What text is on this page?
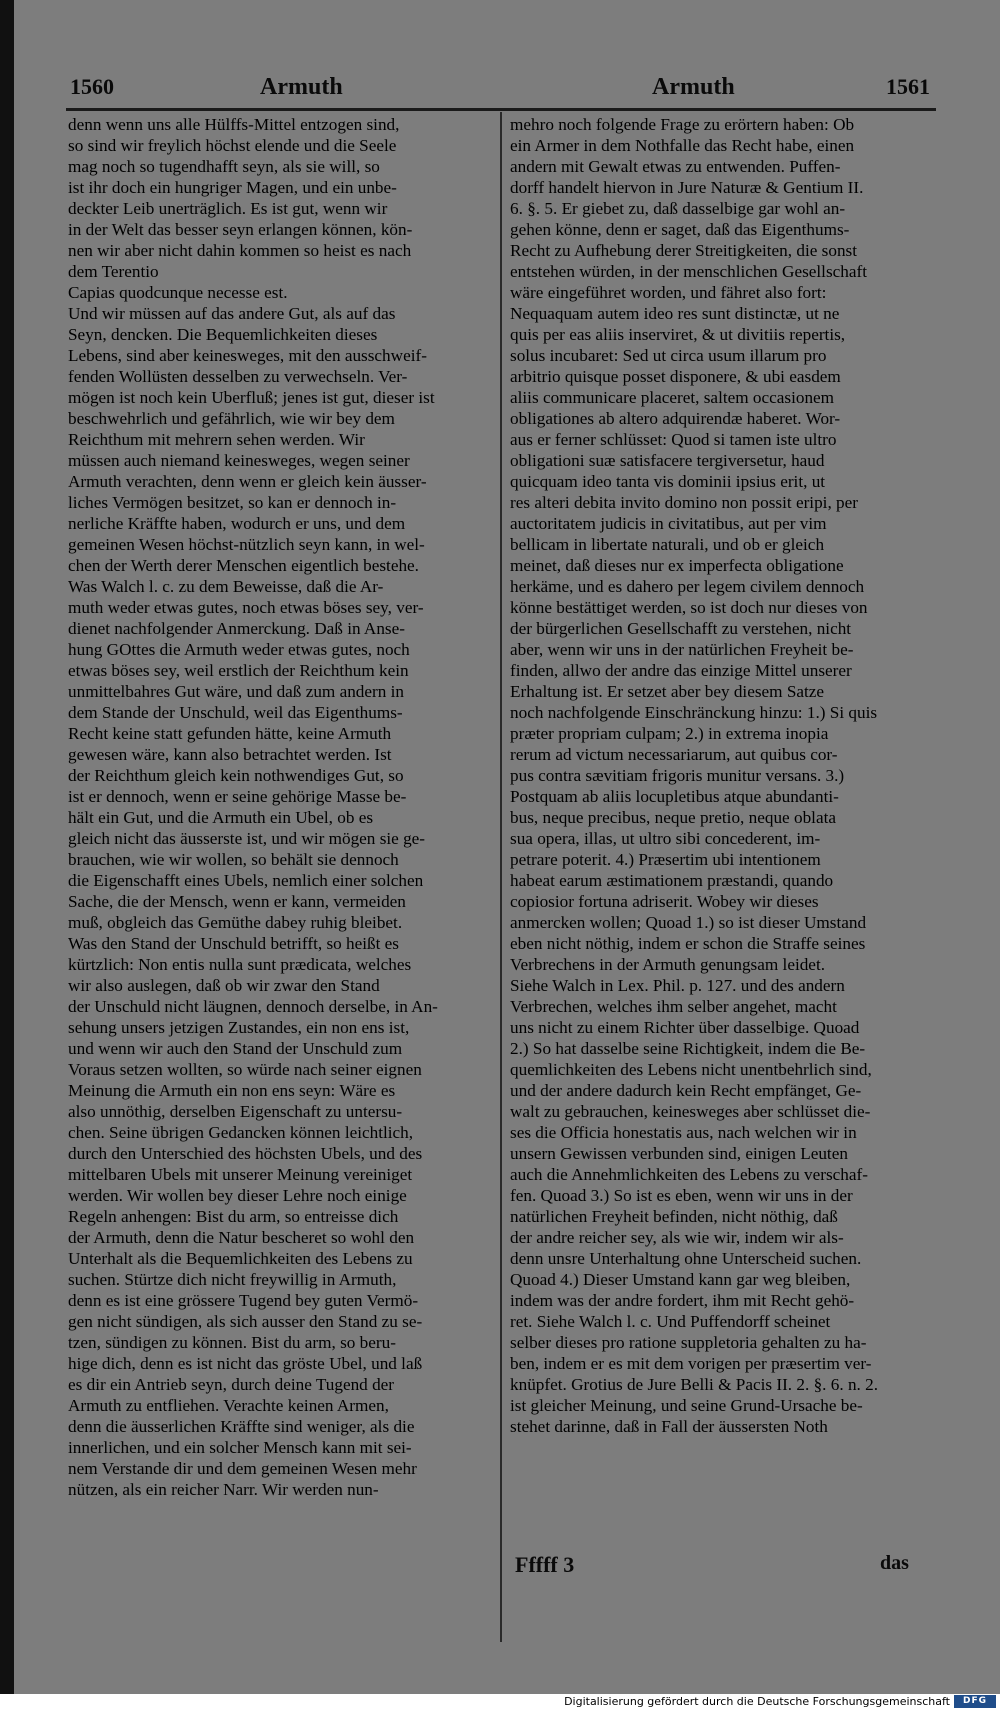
1560	Armuth	Armuth	1561
denn wenn uns alle Hülffs-Mittel entzogen sind,
so sind wir freylich höchst elende und die Seele
mag noch so tugendhafft seyn, als sie will, so
ist ihr doch ein hungriger Magen, und ein unbe-
deckter Leib unerträglich. Es ist gut, wenn wir
in der Welt das besser seyn erlangen können, kön-
nen wir aber nicht dahin kommen so heist es nach
dem Terentio
Capias quodcunque necesse est.
Und wir müssen auf das andere Gut, als auf das
Seyn, dencken. Die Bequemlichkeiten dieses
Lebens, sind aber keinesweges, mit den ausschweif-
fenden Wollüsten desselben zu verwechseln. Ver-
mögen ist noch kein Uberfluß; jenes ist gut, dieser ist
beschwehrlich und gefährlich, wie wir bey dem
Reichthum mit mehrern sehen werden. Wir
müssen auch niemand keinesweges, wegen seiner
Armuth verachten, denn wenn er gleich kein äusser-
liches Vermögen besitzet, so kan er dennoch in-
nerliche Kräffte haben, wodurch er uns, und dem
gemeinen Wesen höchst-nützlich seyn kann, in wel-
chen der Werth derer Menschen eigentlich bestehe.
Was Walch l. c. zu dem Beweisse, daß die Ar-
muth weder etwas gutes, noch etwas böses sey, ver-
dienet nachfolgender Anmerckung. Daß in Anse-
hung GOttes die Armuth weder etwas gutes, noch
etwas böses sey, weil erstlich der Reichthum kein
unmittelbahres Gut wäre, und daß zum andern in
dem Stande der Unschuld, weil das Eigenthums-
Recht keine statt gefunden hätte, keine Armuth
gewesen wäre, kann also betrachtet werden. Ist
der Reichthum gleich kein nothwendiges Gut, so
ist er dennoch, wenn er seine gehörige Masse be-
hält ein Gut, und die Armuth ein Ubel, ob es
gleich nicht das äusserste ist, und wir mögen sie ge-
brauchen, wie wir wollen, so behält sie dennoch
die Eigenschafft eines Ubels, nemlich einer solchen
Sache, die der Mensch, wenn er kann, vermeiden
muß, obgleich das Gemüthe dabey ruhig bleibet.
Was den Stand der Unschuld betrifft, so heißt es
kürtzlich: Non entis nulla sunt prædicata, welches
wir also auslegen, daß ob wir zwar den Stand
der Unschuld nicht läugnen, dennoch derselbe, in An-
sehung unsers jetzigen Zustandes, ein non ens ist,
und wenn wir auch den Stand der Unschuld zum
Voraus setzen wollten, so würde nach seiner eignen
Meinung die Armuth ein non ens seyn: Wäre es
also unnöthig, derselben Eigenschaft zu untersu-
chen. Seine übrigen Gedancken können leichtlich,
durch den Unterschied des höchsten Ubels, und des
mittelbaren Ubels mit unserer Meinung vereiniget
werden. Wir wollen bey dieser Lehre noch einige
Regeln anhengen: Bist du arm, so entreisse dich
der Armuth, denn die Natur bescheret so wohl den
Unterhalt als die Bequemlichkeiten des Lebens zu
suchen. Stürtze dich nicht freywillig in Armuth,
denn es ist eine grössere Tugend bey guten Vermö-
gen nicht sündigen, als sich ausser den Stand zu se-
tzen, sündigen zu können. Bist du arm, so beru-
hige dich, denn es ist nicht das gröste Ubel, und laß
es dir ein Antrieb seyn, durch deine Tugend der
Armuth zu entfliehen. Verachte keinen Armen,
denn die äusserlichen Kräffte sind weniger, als die
innerlichen, und ein solcher Mensch kann mit sei-
nem Verstande dir und dem gemeinen Wesen mehr
nützen, als ein reicher Narr. Wir werden nun-
mehro noch folgende Frage zu erörtern haben: Ob
ein Armer in dem Nothfalle das Recht habe, einen
andern mit Gewalt etwas zu entwenden. Puffen-
dorff handelt hiervon in Jure Naturæ & Gentium II.
6. §. 5. Er giebet zu, daß dasselbige gar wohl an-
gehen könne, denn er saget, daß das Eigenthums-
Recht zu Aufhebung derer Streitigkeiten, die sonst
entstehen würden, in der menschlichen Gesellschaft
wäre eingeführet worden, und fähret also fort:
Nequaquam autem ideo res sunt distinctæ, ut ne
quis per eas aliis inserviret, & ut divitiis repertis,
solus incubaret: Sed ut circa usum illarum pro
arbitrio quisque posset disponere, & ubi easdem
aliis communicare placeret, saltem occasionem
obligationes ab altero adquirendæ haberet. Wor-
aus er ferner schlüsset: Quod si tamen iste ultro
obligationi suæ satisfacere tergiversetur, haud
quicquam ideo tanta vis dominii ipsius erit, ut
res alteri debita invito domino non possit eripi, per
auctoritatem judicis in civitatibus, aut per vim
bellicam in libertate naturali, und ob er gleich
meinet, daß dieses nur ex imperfecta obligatione
herkäme, und es dahero per legem civilem dennoch
könne bestättiget werden, so ist doch nur dieses von
der bürgerlichen Gesellschafft zu verstehen, nicht
aber, wenn wir uns in der natürlichen Freyheit be-
finden, allwo der andre das einzige Mittel unserer
Erhaltung ist. Er setzet aber bey diesem Satze
noch nachfolgende Einschränckung hinzu: 1.) Si quis
præter propriam culpam; 2.) in extrema inopia
rerum ad victum necessariarum, aut quibus cor-
pus contra sævitiam frigoris munitur versans. 3.)
Postquam ab aliis locupletibus atque abundanti-
bus, neque precibus, neque pretio, neque oblata
sua opera, illas, ut ultro sibi concederent, im-
petrare poterit. 4.) Præsertim ubi intentionem
habeat earum æstimationem præstandi, quando
copiosior fortuna adriserit. Wobey wir dieses
anmercken wollen; Quoad 1.) so ist dieser Umstand
eben nicht nöthig, indem er schon die Straffe seines
Verbrechens in der Armuth genungsam leidet.
Siehe Walch in Lex. Phil. p. 127. und des andern
Verbrechen, welches ihm selber angehet, macht
uns nicht zu einem Richter über dasselbige. Quoad
2.) So hat dasselbe seine Richtigkeit, indem die Be-
quemlichkeiten des Lebens nicht unentbehrlich sind,
und der andere dadurch kein Recht empfänget, Ge-
walt zu gebrauchen, keinesweges aber schlüsset die-
ses die Officia honestatis aus, nach welchen wir in
unsern Gewissen verbunden sind, einigen Leuten
auch die Annehmlichkeiten des Lebens zu verschaf-
fen. Quoad 3.) So ist es eben, wenn wir uns in der
natürlichen Freyheit befinden, nicht nöthig, daß
der andre reicher sey, als wie wir, indem wir als-
denn unsre Unterhaltung ohne Unterscheid suchen.
Quoad 4.) Dieser Umstand kann gar weg bleiben,
indem was der andre fordert, ihm mit Recht gehö-
ret. Siehe Walch l. c. Und Puffendorff scheinet
selber dieses pro ratione suppletoria gehalten zu ha-
ben, indem er es mit dem vorigen per præsertim ver-
knüpfet. Grotius de Jure Belli & Pacis II. 2. §. 6. n. 2.
ist gleicher Meinung, und seine Grund-Ursache be-
stehet darinne, daß in Fall der äussersten Noth
Fffff 3	das
Digitalisierung gefördert durch die Deutsche Forschungsgemeinschaft	DFG
